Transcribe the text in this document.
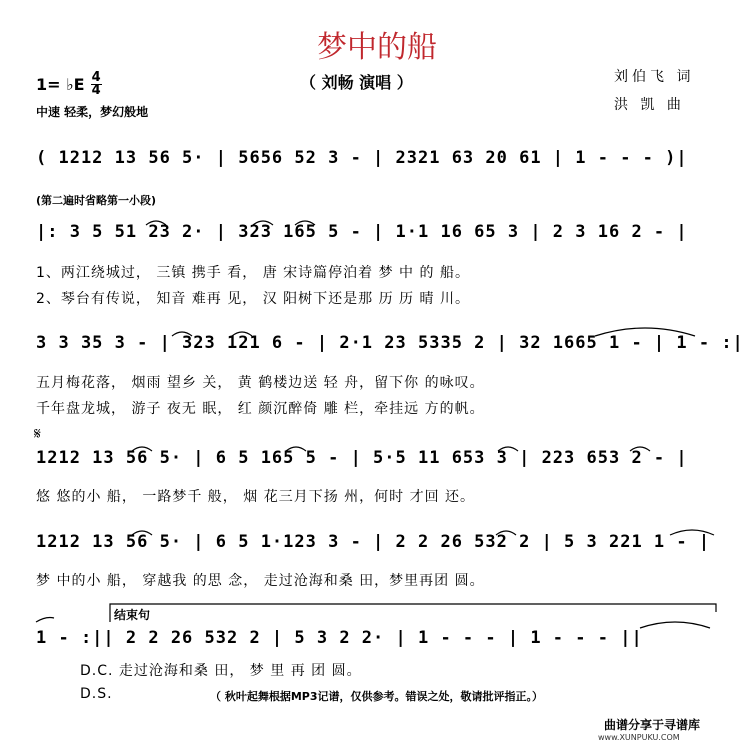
梦中的船
（ 刘畅 演唱 ）
1= ♭E $\frac{4}{4}$
中速 轻柔，梦幻般地
刘伯飞 词
洪 凯 曲
( 1212 13 56 5· | 5656 52 3 - | 2321 63 20 61 | 1 - - - )|
(第二遍时省略第一小段)
|: 3 5 51 23 2· | 323 165 5 - | 1·1 16 65 3 | 2 3 16 2 - |
1、两江绕城过， 三镇 携手 看， 唐 宋诗篇停泊着 梦 中 的 船。
2、琴台有传说， 知音 难再 见， 汉 阳树下还是那 历 历 晴 川。
3 3 35 3 - | 323 121 6 - | 2·1 23 5335 2 | 32 1665 1 - | 1 - :|
五月梅花落， 烟雨 望乡 关， 黄 鹤楼边送 轻 舟，留下你 的咏叹。
千年盘龙城， 游子 夜无 眠， 红 颜沉醉倚 雕 栏，牵挂远 方的帆。
𝄋
1212 13 56 5· | 6 5 165 5 - | 5·5 11 653 3 | 223 653 2 - |
悠 悠的小 船， 一路梦千 般， 烟 花三月下扬 州，何时 才回 还。
1212 13 56 5· | 6 5 1·123 3 - | 2 2 26 532 2 | 5 3 221 1 - |
梦 中的小 船， 穿越我 的思 念， 走过沧海和桑 田，梦里再团 圆。
结束句
1 - :|| 2 2 26 532 2 | 5 3 2 2· | 1 - - - | 1 - - - ||
D.C. 走过沧海和桑 田， 梦 里 再 团 圆。
D.S.	（ 秋叶起舞根据MP3记谱，仅供参考。错误之处，敬请批评指正。）
曲谱分享于寻谱库
www.XUNPUKU.COM
